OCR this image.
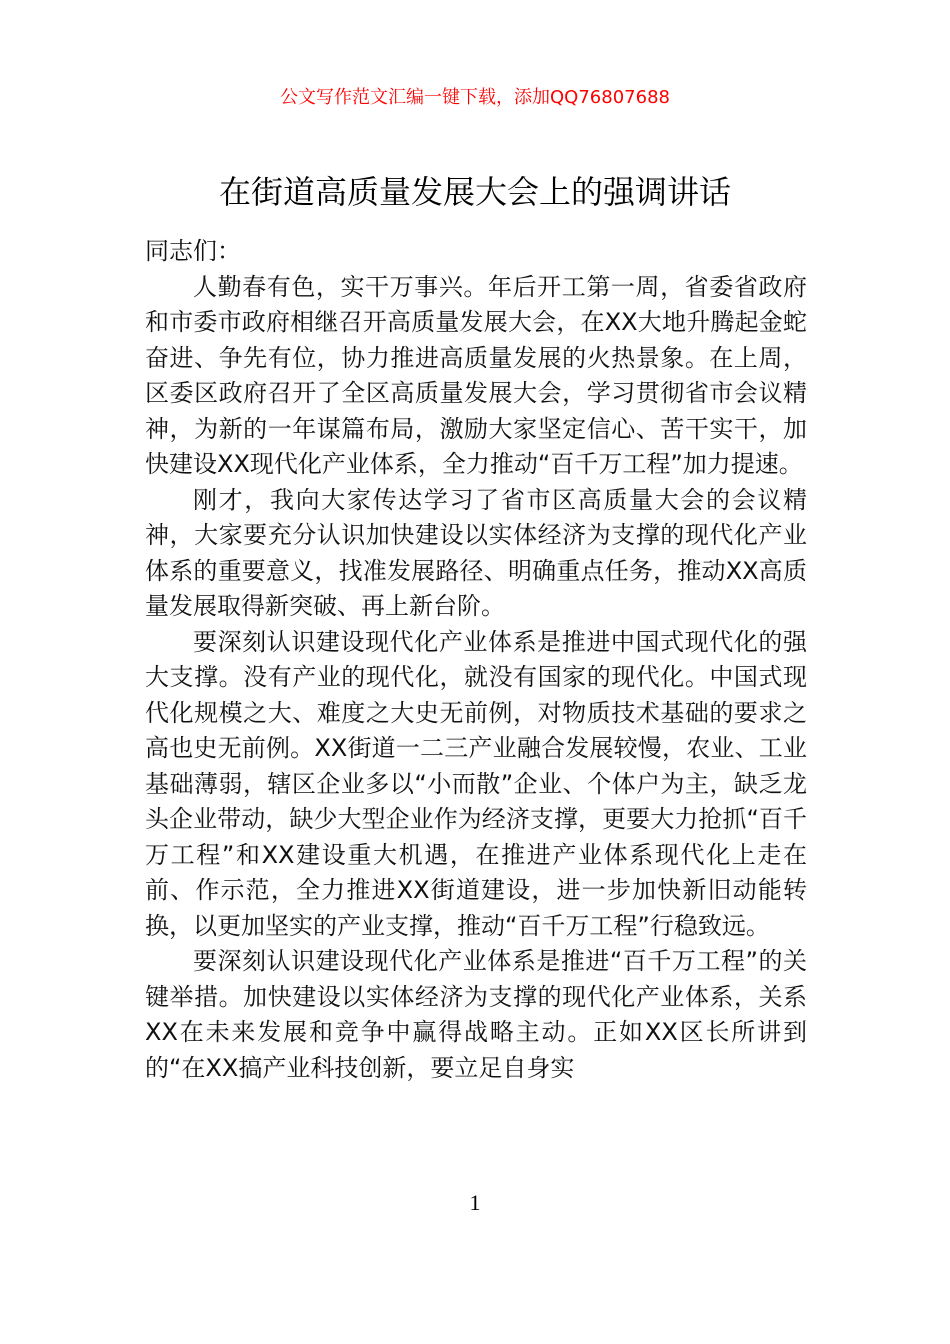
公文写作范文汇编一键下载，添加QQ76807688
在街道高质量发展大会上的强调讲话

同志们：

人勤春有色，实干万事兴。年后开工第一周，省委省政府和市委市政府相继召开高质量发展大会，在XX大地升腾起金蛇奋进、争先有位，协力推进高质量发展的火热景象。在上周，区委区政府召开了全区高质量发展大会，学习贯彻省市会议精神，为新的一年谋篇布局，激励大家坚定信心、苦干实干，加快建设XX现代化产业体系，全力推动“百千万工程”加力提速。

刚才，我向大家传达学习了省市区高质量大会的会议精神，大家要充分认识加快建设以实体经济为支撑的现代化产业体系的重要意义，找准发展路径、明确重点任务，推动XX高质量发展取得新突破、再上新台阶。

要深刻认识建设现代化产业体系是推进中国式现代化的强大支撑。没有产业的现代化，就没有国家的现代化。中国式现代化规模之大、难度之大史无前例，对物质技术基础的要求之高也史无前例。XX街道一二三产业融合发展较慢，农业、工业基础薄弱，辖区企业多以“小而散”企业、个体户为主，缺乏龙头企业带动，缺少大型企业作为经济支撑，更要大力抢抓“百千万工程”和XX建设重大机遇，在推进产业体系现代化上走在前、作示范，全力推进XX街道建设，进一步加快新旧动能转换，以更加坚实的产业支撑，推动“百千万工程”行稳致远。

要深刻认识建设现代化产业体系是推进“百千万工程”的关键举措。加快建设以实体经济为支撑的现代化产业体系，关系XX在未来发展和竞争中赢得战略主动。正如XX区长所讲到的“在XX搞产业科技创新，要立足自身实

1
